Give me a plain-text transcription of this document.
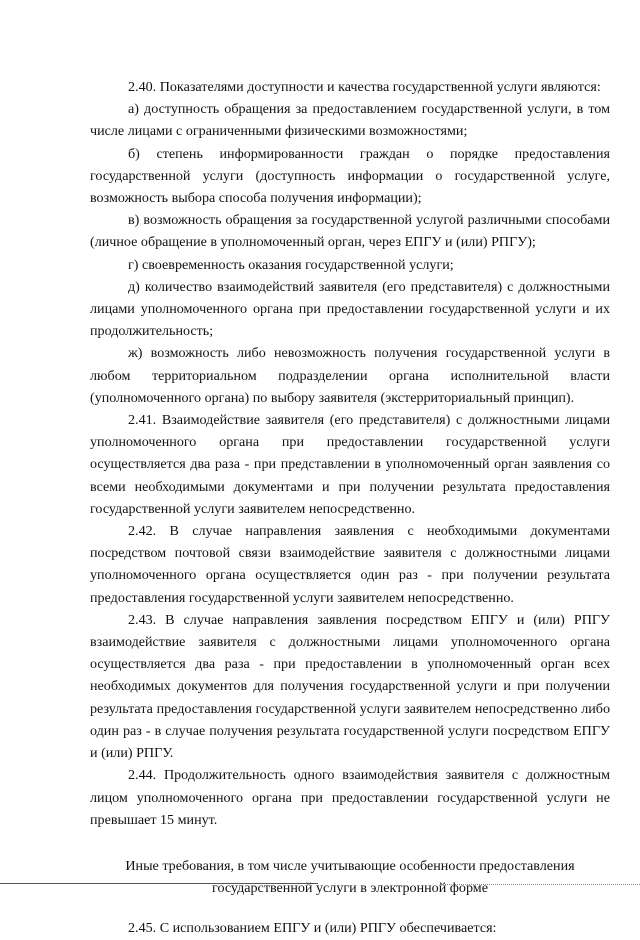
2.40. Показателями доступности и качества государственной услуги являются:

а) доступность обращения за предоставлением государственной услуги, в том числе лицами с ограниченными физическими возможностями;

б) степень информированности граждан о порядке предоставления государственной услуги (доступность информации о государственной услуге, возможность выбора способа получения информации);

в) возможность обращения за государственной услугой различными способами (личное обращение в уполномоченный орган, через ЕПГУ и (или) РПГУ);

г) своевременность оказания государственной услуги;

д) количество взаимодействий заявителя (его представителя) с должностными лицами уполномоченного органа при предоставлении государственной услуги и их продолжительность;

ж) возможность либо невозможность получения государственной услуги в любом территориальном подразделении органа исполнительной власти (уполномоченного органа) по выбору заявителя (экстерриториальный принцип).

2.41. Взаимодействие заявителя (его представителя) с должностными лицами уполномоченного органа при предоставлении государственной услуги осуществляется два раза - при представлении в уполномоченный орган заявления со всеми необходимыми документами и при получении результата предоставления государственной услуги заявителем непосредственно.

2.42. В случае направления заявления с необходимыми документами посредством почтовой связи взаимодействие заявителя с должностными лицами уполномоченного органа осуществляется один раз - при получении результата предоставления государственной услуги заявителем непосредственно.

2.43. В случае направления заявления посредством ЕПГУ и (или) РПГУ взаимодействие заявителя с должностными лицами уполномоченного органа осуществляется два раза - при предоставлении в уполномоченный орган всех необходимых документов для получения государственной услуги и при получении результата предоставления государственной услуги заявителем непосредственно либо один раз - в случае получения результата государственной услуги посредством ЕПГУ и (или) РПГУ.

2.44. Продолжительность одного взаимодействия заявителя с должностным лицом уполномоченного органа при предоставлении государственной услуги не превышает 15 минут.

Иные требования, в том числе учитывающие особенности предоставления
государственной услуги в электронной форме

2.45. С использованием ЕПГУ и (или) РПГУ обеспечивается:
